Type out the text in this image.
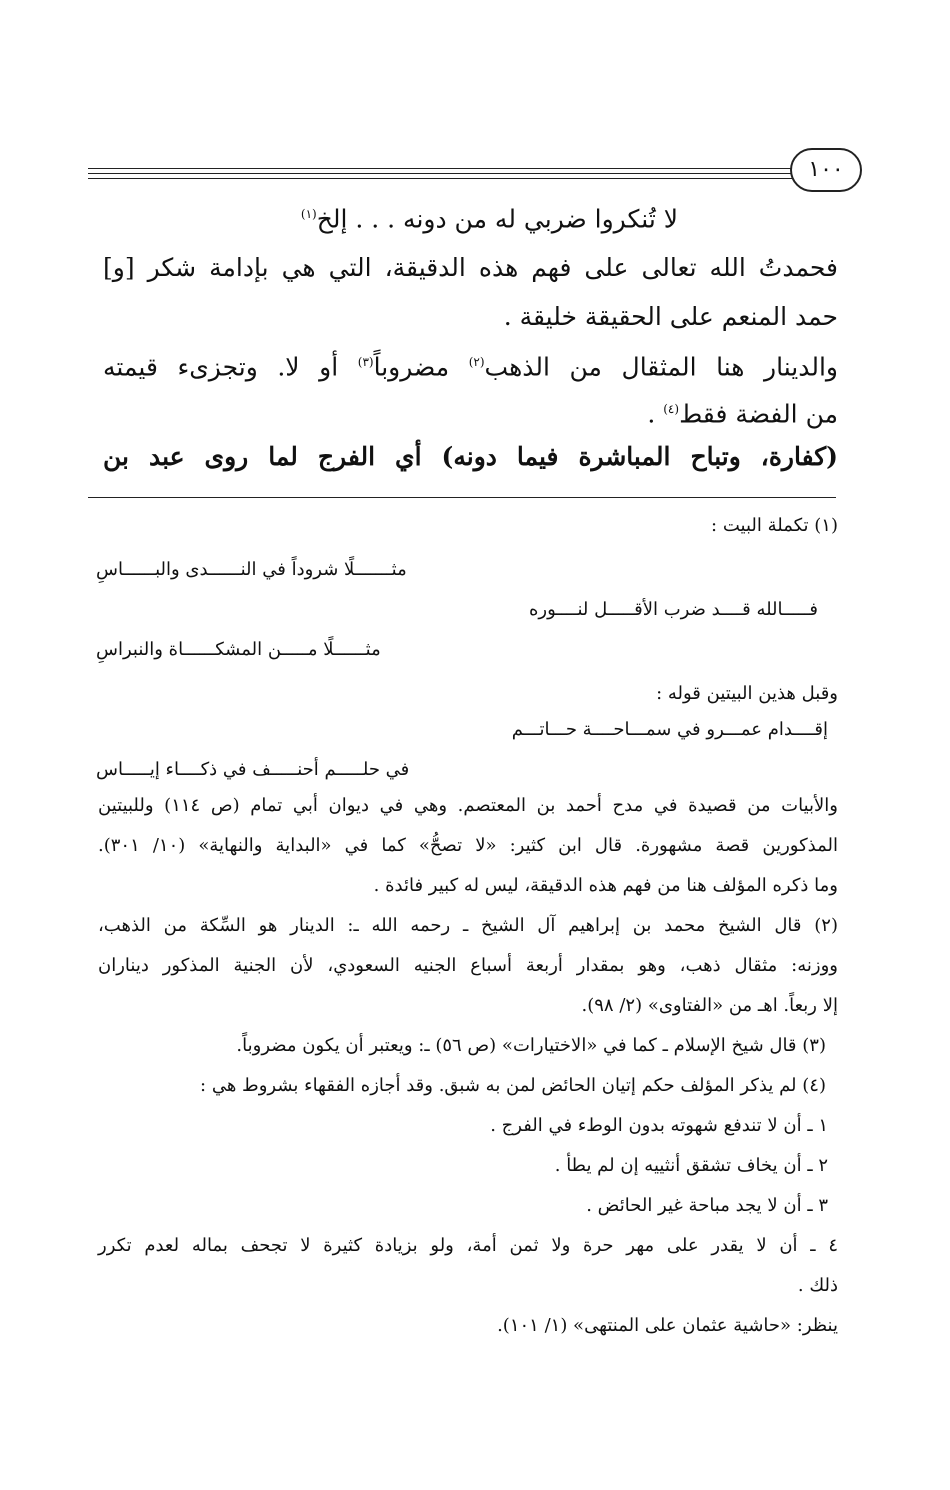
١٠٠
لا تُنكروا ضربي له من دونه . . . إلخ$^{(١)}$
فحمدتُ الله تعالى على فهم هذه الدقيقة، التي هي بإدامة شكر [و]
حمد المنعم على الحقيقة خليقة .
والدينار هنا المثقال من الذهب$^{(٢)}$ مضروباً$^{(٣)}$ أو لا. وتجزىء قيمته
من الفضة فقط$^{(٤)}$ .
(كفارة، وتباح المباشرة فيما دونه) أي الفرج لما روى عبد بن
(١) تكملة البيت :
فـــــالله قــــد ضرب الأقـــــل لنــــوره
وقبل هذين البيتين قوله :
إقــــدام عمـــرو في سمـــاحــــة حـــاتـــم
والأبيات من قصيدة في مدح أحمد بن المعتصم. وهي في ديوان أبي تمام (ص ١١٤) وللبيتين
المذكورين قصة مشهورة. قال ابن كثير: «لا تصحُّ» كما في «البداية والنهاية» (١٠/ ٣٠١).
وما ذكره المؤلف هنا من فهم هذه الدقيقة، ليس له كبير فائدة .
(٢) قال الشيخ محمد بن إبراهيم آل الشيخ ـ رحمه الله ـ: الدينار هو السِّكة من الذهب،
ووزنه: مثقال ذهب، وهو بمقدار أربعة أسباع الجنيه السعودي، لأن الجنية المذكور ديناران
إلا ربعاً. اهـ من «الفتاوى» (٢/ ٩٨).
(٣) قال شيخ الإسلام ـ كما في «الاختيارات» (ص ٥٦) ـ: ويعتبر أن يكون مضروباً.
(٤) لم يذكر المؤلف حكم إتيان الحائض لمن به شبق. وقد أجازه الفقهاء بشروط هي :
١ ـ أن لا تندفع شهوته بدون الوطء في الفرج .
٢ ـ أن يخاف تشقق أنثييه إن لم يطأ .
٣ ـ أن لا يجد مباحة غير الحائض .
٤ ـ أن لا يقدر على مهر حرة ولا ثمن أمة، ولو بزيادة كثيرة لا تجحف بماله لعدم تكرر
ذلك .
ينظر: «حاشية عثمان على المنتهى» (١/ ١٠١).
مثـــــــلًا شروداً في النــــــدى والبــــــاسِ
مثــــــلًا مـــــن المشكــــــاة والنبراسِ
في حلـــــم أحنـــــف في ذكــــاء إيـــــاس
